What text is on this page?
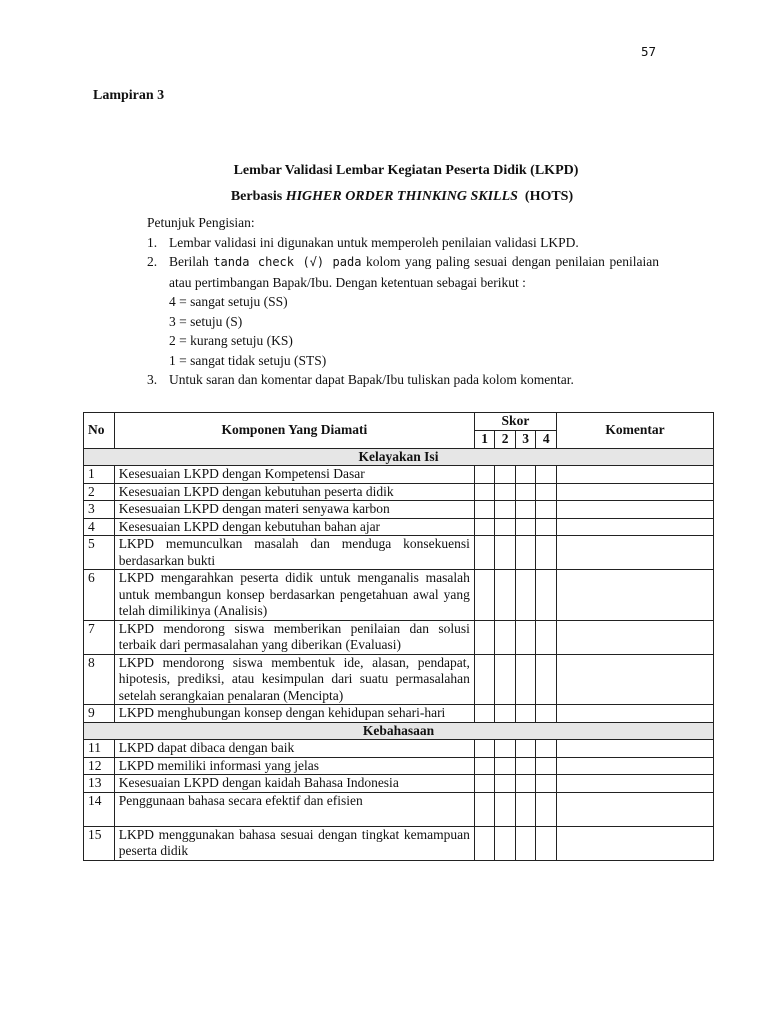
57
Lampiran 3
Lembar Validasi Lembar Kegiatan Peserta Didik (LKPD)
Berbasis HIGHER ORDER THINKING SKILLS  (HOTS)
Petunjuk Pengisian:
1. Lembar validasi ini digunakan untuk memperoleh penilaian validasi LKPD.
2. Berilah tanda check (√) pada kolom yang paling sesuai dengan penilaian penilaian atau pertimbangan Bapak/Ibu. Dengan ketentuan sebagai berikut :
4 = sangat setuju (SS)
3 = setuju (S)
2 = kurang setuju (KS)
1 = sangat tidak setuju (STS)
3. Untuk saran dan komentar dapat Bapak/Ibu tuliskan pada kolom komentar.
No	Komponen Yang Diamati	Skor				Komentar
		1	2	3	4	
Kelayakan Isi						
1	Kesesuaian LKPD dengan Kompetensi Dasar					
2	Kesesuaian LKPD dengan kebutuhan peserta didik					
3	Kesesuaian LKPD dengan materi senyawa karbon					
4	Kesesuaian LKPD dengan kebutuhan bahan ajar					
5	LKPD memunculkan masalah dan menduga konsekuensi berdasarkan bukti					
6	LKPD mengarahkan peserta didik untuk menganalis masalah untuk membangun konsep berdasarkan pengetahuan awal yang telah dimilikinya (Analisis)					
7	LKPD mendorong siswa memberikan penilaian dan solusi terbaik dari permasalahan yang diberikan (Evaluasi)					
8	LKPD mendorong siswa membentuk ide, alasan, pendapat, hipotesis, prediksi, atau kesimpulan dari suatu permasalahan setelah serangkaian penalaran (Mencipta)					
9	LKPD menghubungan konsep dengan kehidupan sehari-hari					
Kebahasaan						
11	LKPD dapat dibaca dengan baik					
12	LKPD memiliki informasi yang jelas					
13	Kesesuaian LKPD dengan kaidah Bahasa Indonesia					
14	Penggunaan bahasa secara efektif dan efisien					
15	LKPD menggunakan bahasa sesuai dengan tingkat kemampuan peserta didik					
